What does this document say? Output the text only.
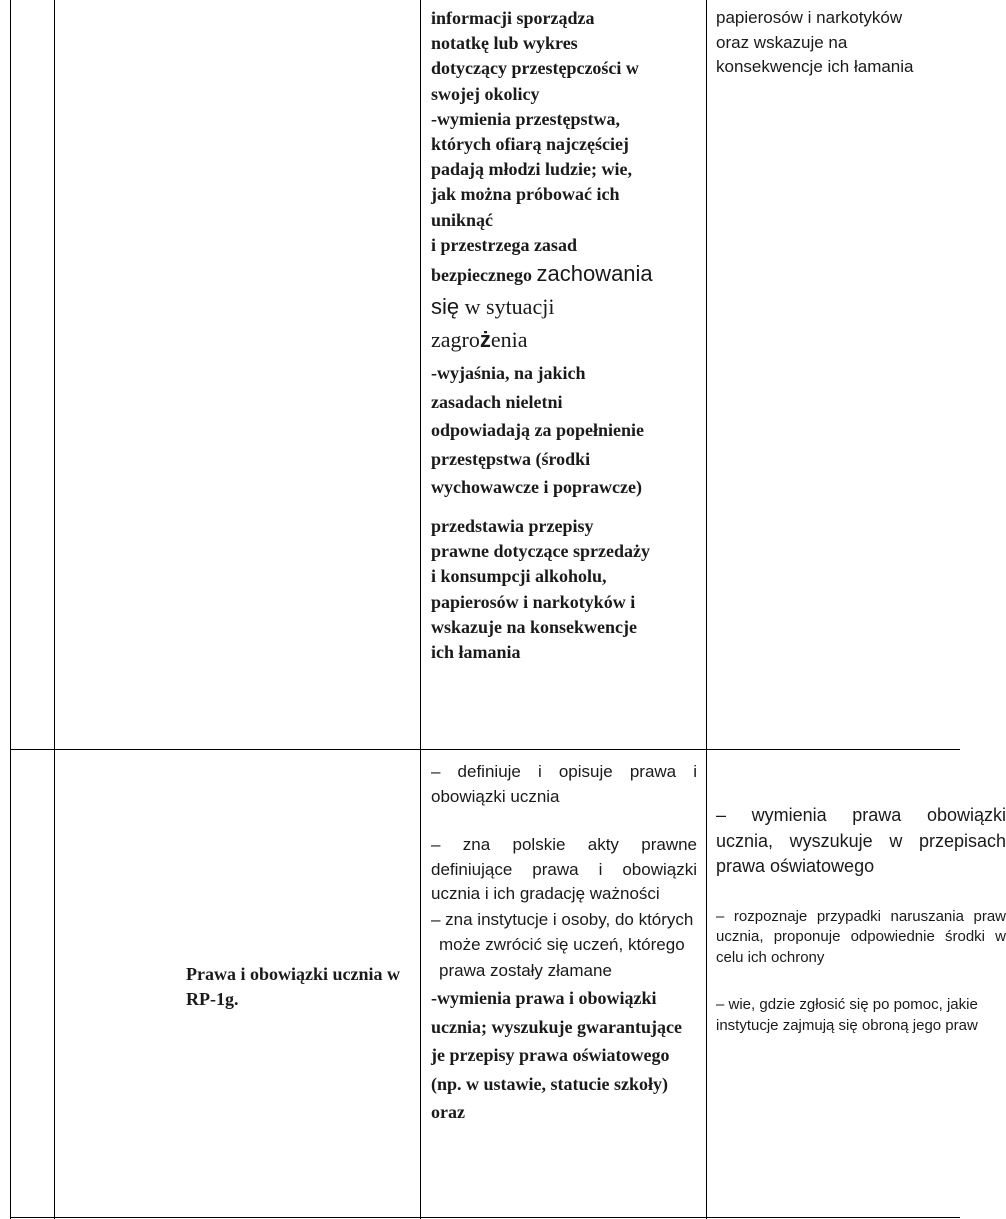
informacji sporządza
notatkę lub wykres
dotyczący przestępczości w
swojej okolicy
-wymienia przestępstwa,
których ofiarą najczęściej
padają młodzi ludzie; wie,
jak można próbować ich
uniknąć
i przestrzega zasad
bezpiecznego zachowania
się w sytuacji
zagrożenia
-wyjaśnia, na jakich
zasadach nieletni
odpowiadają za popełnienie
przestępstwa (środki
wychowawcze i poprawcze)
przedstawia przepisy
prawne dotyczące sprzedaży
i konsumpcji alkoholu,
papierosów i narkotyków i
wskazuje na konsekwencje
ich łamania
papierosów i narkotyków
oraz wskazuje na
konsekwencje ich łamania
Prawa i obowiązki ucznia w RP-1g.

– definiuje i opisuje prawa i obowiązki ucznia

– zna polskie akty prawne definiujące prawa i obowiązki ucznia i ich gradację ważności

– zna instytucje i osoby, do których może zwrócić się uczeń, którego prawa zostały złamane

-wymienia prawa i obowiązki ucznia; wyszukuje gwarantujące je przepisy prawa oświatowego (np. w ustawie, statucie szkoły) oraz

– wymienia prawa obowiązki ucznia, wyszukuje w przepisach prawa oświatowego

– rozpoznaje przypadki naruszania praw ucznia, proponuje odpowiednie środki w celu ich ochrony

– wie, gdzie zgłosić się po pomoc, jakie instytucje zajmują się obroną jego praw
